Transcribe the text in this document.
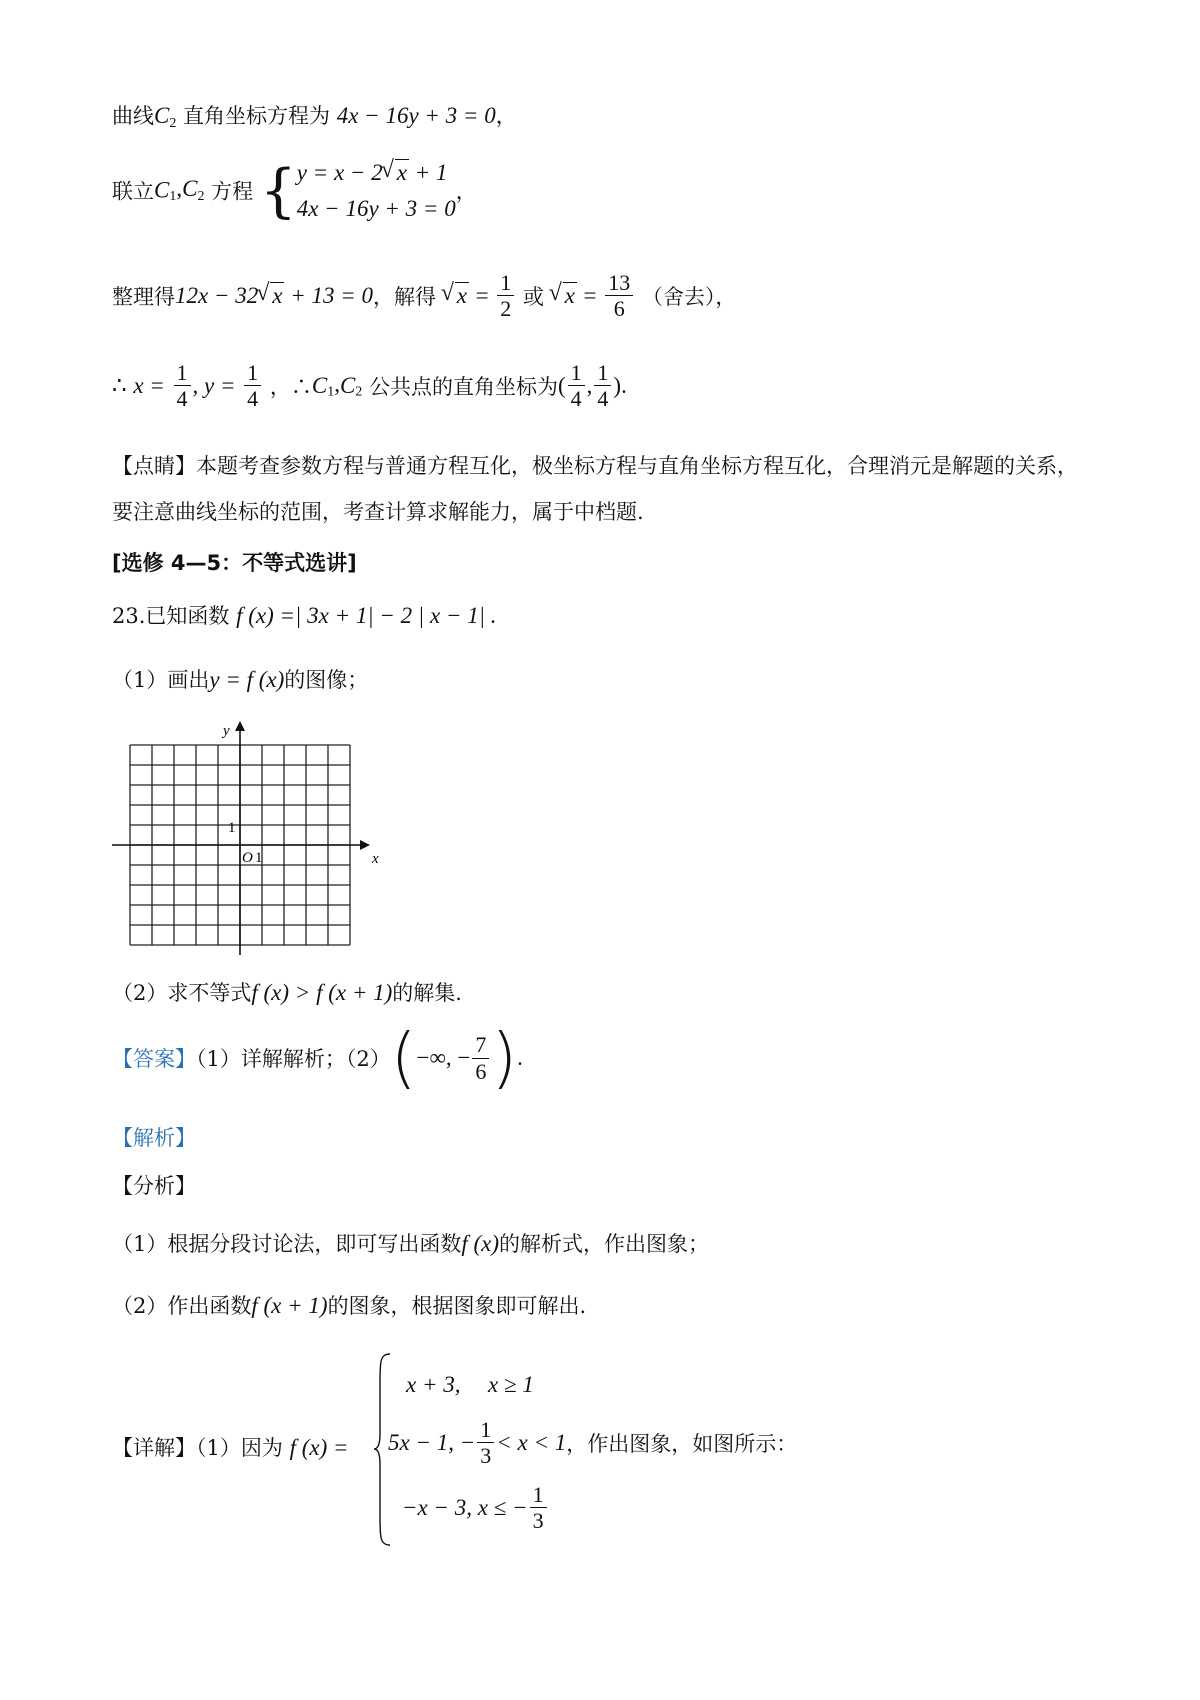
曲线$C_2$ 直角坐标方程为 4x − 16y + 3 = 0，
联立$C_1,C_2$ 方程 {y = x − 2 √ x + 1
4x − 16y + 3 = 0，
整理得12x − 32 √ x + 13 = 0，解得 √ $x = \frac{1}{2}$ 或 √ $x = \frac{13}{6}$ （舍去），
∴ $x = \frac{1}{4}$ , $y = \frac{1}{4}$ ，$\therefore C_1,C_2$ 公共点的直角坐标为( $\frac{1}{4}$ , $\frac{1}{4}$ ).
【点睛】本题考查参数方程与普通方程互化，极坐标方程与直角坐标方程互化，合理消元是解题的关系，
要注意曲线坐标的范围，考查计算求解能力，属于中档题.
[选修 4—5：不等式选讲]
23.已知函数 f (x) =| 3x + 1| − 2 | x − 1| .
（1）画出y = f (x)的图像；
y
x
O 1
1
（2）求不等式f (x) > f (x + 1)的解集.
【答案】（1）详解解析；（2）(−∞, − $\frac{7}{6}$ ).
【解析】
【分析】
（1）根据分段讨论法，即可写出函数f (x)的解析式，作出图象；
（2）作出函数f (x + 1)的图象，根据图象即可解出.
【详解】（1）因为 f (x) =
x + 3, x ≥ 1
5x − 1, − $\frac{1}{3} < x < 1$，作出图象，如图所示：
−x − 3, x ≤ − $\frac{1}{3}$
